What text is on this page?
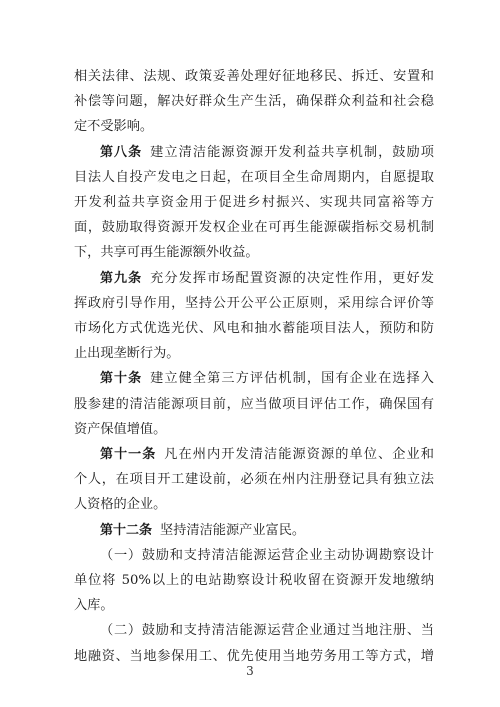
相关法律、法规、政策妥善处理好征地移民、拆迁、安置和
补偿等问题，解决好群众生产生活，确保群众利益和社会稳
定不受影响。
第八条 建立清洁能源资源开发利益共享机制，鼓励项
目法人自投产发电之日起，在项目全生命周期内，自愿提取
开发利益共享资金用于促进乡村振兴、实现共同富裕等方
面，鼓励取得资源开发权企业在可再生能源碳指标交易机制
下，共享可再生能源额外收益。
第九条 充分发挥市场配置资源的决定性作用，更好发
挥政府引导作用，坚持公开公平公正原则，采用综合评价等
市场化方式优选光伏、风电和抽水蓄能项目法人，预防和防
止出现垄断行为。
第十条 建立健全第三方评估机制，国有企业在选择入
股参建的清洁能源项目前，应当做项目评估工作，确保国有
资产保值增值。
第十一条 凡在州内开发清洁能源资源的单位、企业和
个人，在项目开工建设前，必须在州内注册登记具有独立法
人资格的企业。
第十二条 坚持清洁能源产业富民。
（一）鼓励和支持清洁能源运营企业主动协调勘察设计
单位将 50%以上的电站勘察设计税收留在资源开发地缴纳
入库。
（二）鼓励和支持清洁能源运营企业通过当地注册、当
地融资、当地参保用工、优先使用当地劳务用工等方式，增
3
